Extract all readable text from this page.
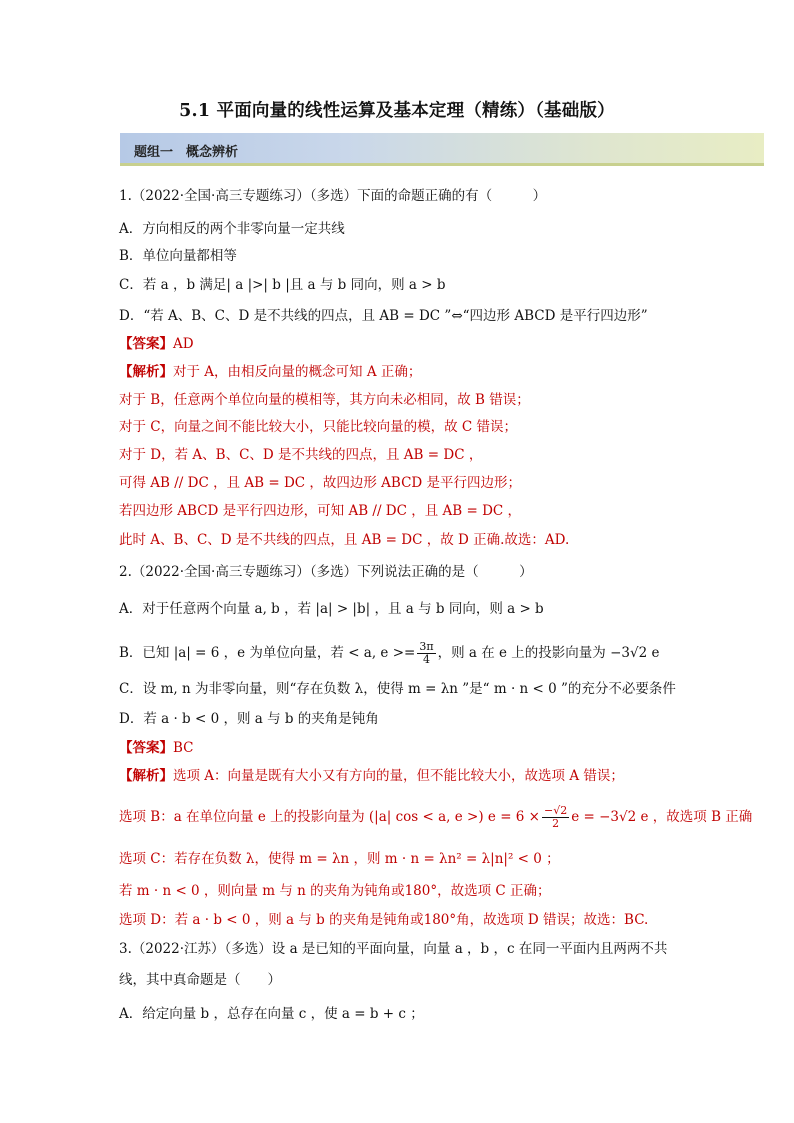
5.1 平面向量的线性运算及基本定理（精练）（基础版）
题组一　概念辨析
1.（2022·全国·高三专题练习）（多选）下面的命题正确的有（　　　）
A．方向相反的两个非零向量一定共线
B．单位向量都相等
C．若 a ，b 满足| a |>| b |且 a 与 b 同向，则 a > b
D．“若 A、B、C、D 是不共线的四点，且 AB = DC ”⇔“四边形 ABCD 是平行四边形”
【答案】AD
【解析】对于 A，由相反向量的概念可知 A 正确；
对于 B，任意两个单位向量的模相等，其方向未必相同，故 B 错误；
对于 C，向量之间不能比较大小，只能比较向量的模，故 C 错误；
对于 D，若 A、B、C、D 是不共线的四点，且 AB = DC ，
可得 AB // DC ，且 AB = DC ，故四边形 ABCD 是平行四边形；
若四边形 ABCD 是平行四边形，可知 AB // DC ，且 AB = DC ，
此时 A、B、C、D 是不共线的四点，且 AB = DC ，故 D 正确.故选：AD.
2.（2022·全国·高三专题练习）（多选）下列说法正确的是（　　　）
A．对于任意两个向量 a, b ，若 |a| > |b| ，且 a 与 b 同向，则 a > b
B．已知 |a| = 6 ，e 为单位向量，若 < a, $e >= \frac{3\pi}{4}$ ，则 a 在 e 上的投影向量为 −3√2 e
C．设 m, n 为非零向量，则“存在负数 λ，使得 m = λn ”是“ m · n < 0 ”的充分不必要条件
D．若 a · b < 0 ，则 a 与 b 的夹角是钝角
【答案】BC
【解析】选项 A：向量是既有大小又有方向的量，但不能比较大小，故选项 A 错误；
选项 B：a 在单位向量 e 上的投影向量为 (|a| cos < a, e >) $e = 6 \times \frac{-√2}{2}$ e = −3√2 e ，故选项 B 正确
选项 C：若存在负数 λ，使得 m = λn ，则 m · n = λn² = λ|n|² < 0 ；
若 m · n < 0 ，则向量 m 与 n 的夹角为钝角或180°，故选项 C 正确；
选项 D：若 a · b < 0 ，则 a 与 b 的夹角是钝角或180°角，故选项 D 错误；故选：BC.
3.（2022·江苏）（多选）设 a 是已知的平面向量，向量 a ，b ，c 在同一平面内且两两不共
线，其中真命题是（　　）
A．给定向量 b ，总存在向量 c ，使 a = b + c ；
